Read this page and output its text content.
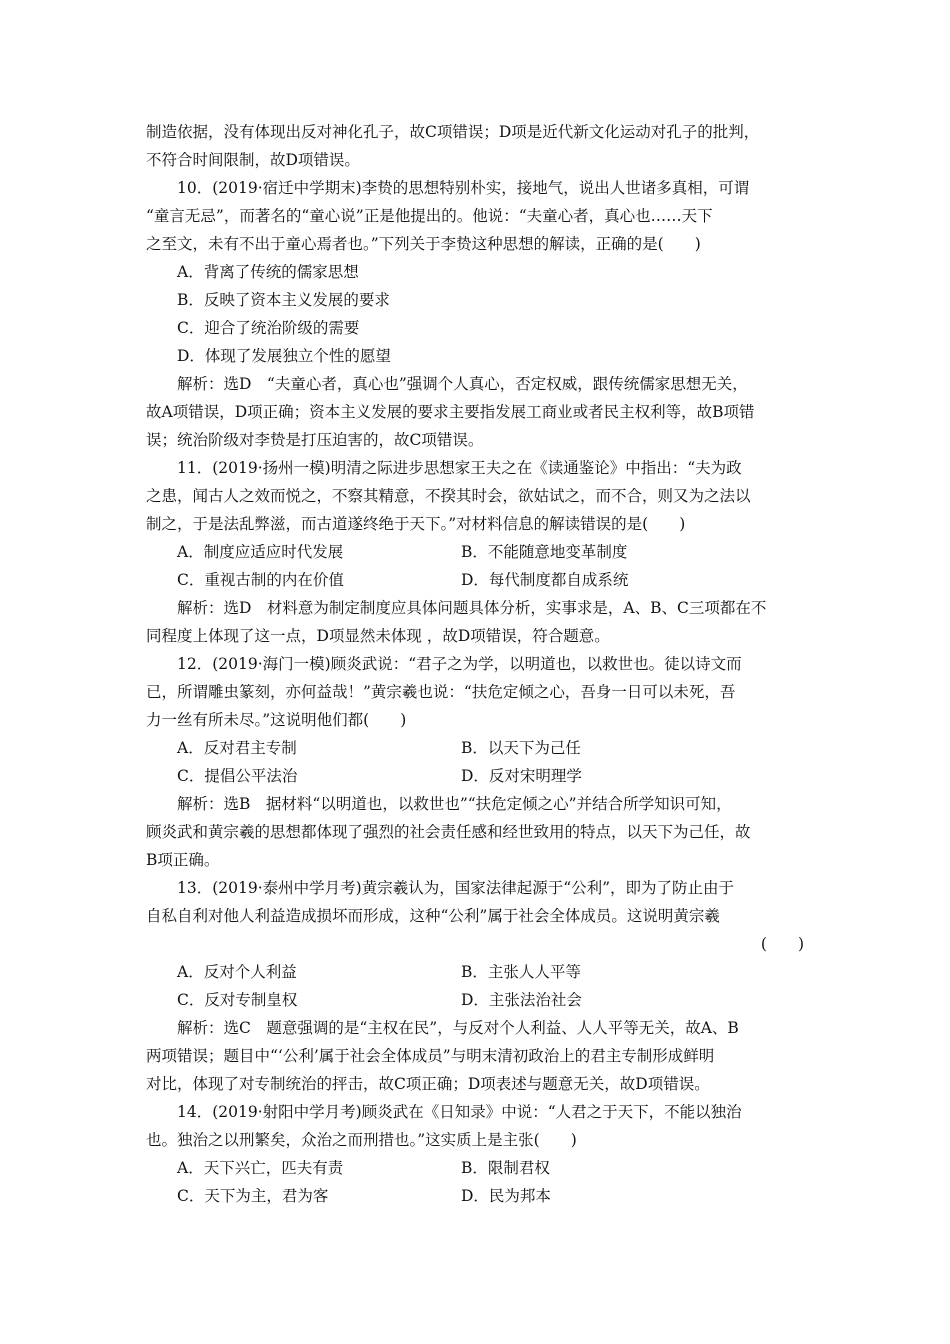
制造依据，没有体现出反对神化孔子，故C项错误；D项是近代新文化运动对孔子的批判，
不符合时间限制，故D项错误。
10．(2019·宿迁中学期末)李贽的思想特别朴实，接地气，说出人世诸多真相，可谓
“童言无忌”，而著名的“童心说”正是他提出的。他说：“夫童心者，真心也……天下
之至文，未有不出于童心焉者也。”下列关于李贽这种思想的解读，正确的是(　　)
A．背离了传统的儒家思想
B．反映了资本主义发展的要求
C．迎合了统治阶级的需要
D．体现了发展独立个性的愿望
解析：选D　“夫童心者，真心也”强调个人真心，否定权威，跟传统儒家思想无关，
故A项错误，D项正确；资本主义发展的要求主要指发展工商业或者民主权利等，故B项错
误；统治阶级对李贽是打压迫害的，故C项错误。
11．(2019·扬州一模)明清之际进步思想家王夫之在《读通鉴论》中指出：“夫为政
之患，闻古人之效而悦之，不察其精意，不揆其时会，欲姑试之，而不合，则又为之法以
制之，于是法乱弊滋，而古道遂终绝于天下。”对材料信息的解读错误的是(　　)
A．制度应适应时代发展	B．不能随意地变革制度
C．重视古制的内在价值	D．每代制度都自成系统
解析：选D　材料意为制定制度应具体问题具体分析，实事求是，A、B、C三项都在不
同程度上体现了这一点，D项显然未体现 ，故D项错误，符合题意。
12．(2019·海门一模)顾炎武说：“君子之为学，以明道也，以救世也。徒以诗文而
已，所谓雕虫篆刻，亦何益哉！”黄宗羲也说：“扶危定倾之心，吾身一日可以未死，吾
力一丝有所未尽。”这说明他们都(　　)
A．反对君主专制	B．以天下为己任
C．提倡公平法治	D．反对宋明理学
解析：选B　据材料“以明道也，以救世也”“扶危定倾之心”并结合所学知识可知，
顾炎武和黄宗羲的思想都体现了强烈的社会责任感和经世致用的特点，以天下为己任，故
B项正确。
13．(2019·泰州中学月考)黄宗羲认为，国家法律起源于“公利”，即为了防止由于
自私自利对他人利益造成损坏而形成，这种“公利”属于社会全体成员。这说明黄宗羲
(　　)
A．反对个人利益	B．主张人人平等
C．反对专制皇权	D．主张法治社会
解析：选C　题意强调的是“主权在民”，与反对个人利益、人人平等无关，故A、B
两项错误；题目中“‘公利’属于社会全体成员”与明末清初政治上的君主专制形成鲜明
对比，体现了对专制统治的抨击，故C项正确；D项表述与题意无关，故D项错误。
14．(2019·射阳中学月考)顾炎武在《日知录》中说：“人君之于天下，不能以独治
也。独治之以刑繁矣，众治之而刑措也。”这实质上是主张(　　)
A．天下兴亡，匹夫有责	B．限制君权
C．天下为主，君为客	D．民为邦本
